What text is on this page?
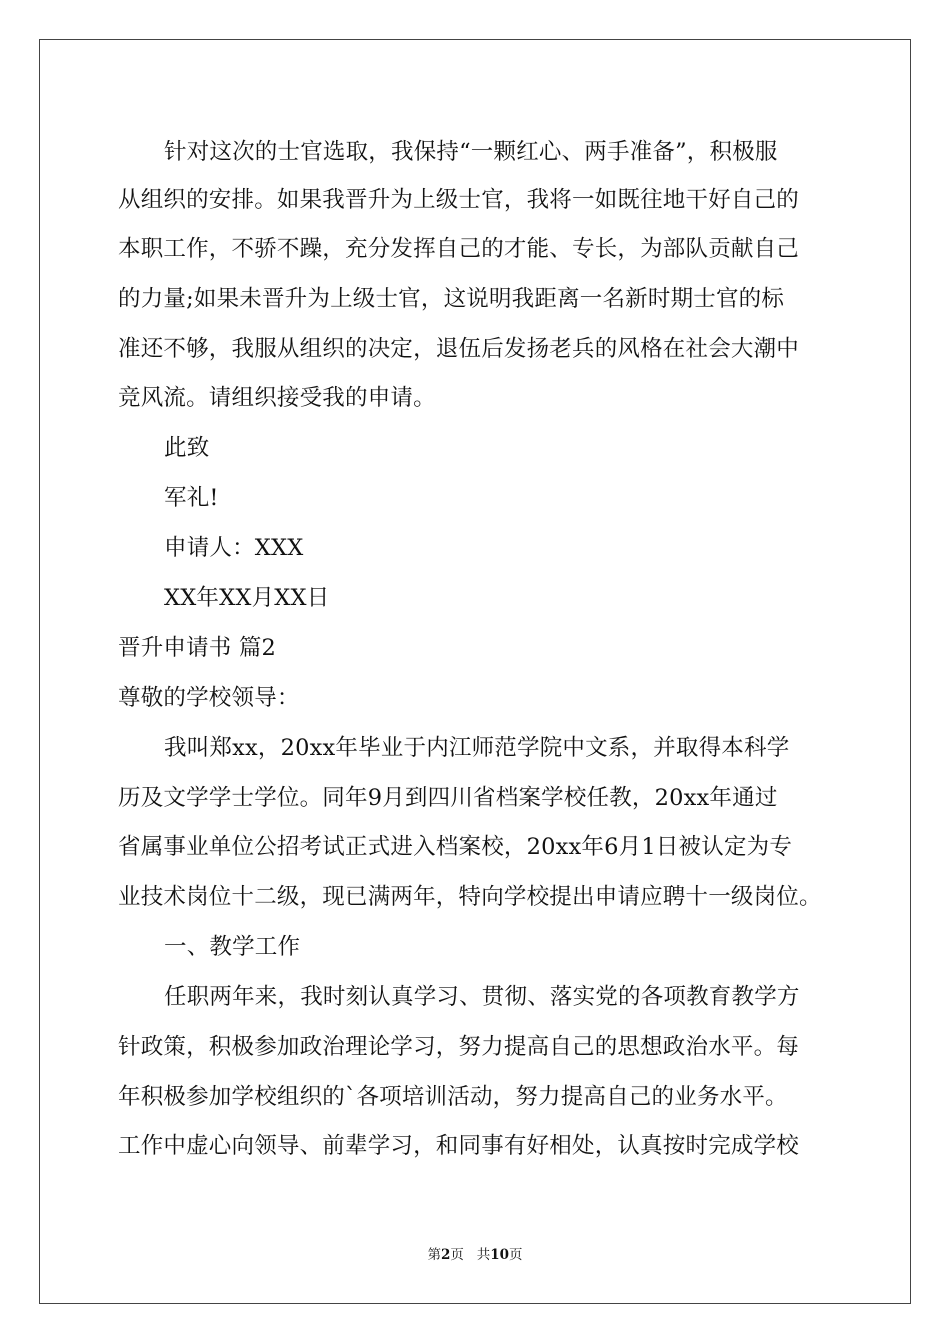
针对这次的士官选取，我保持“一颗红心、两手准备”，积极服
从组织的安排。如果我晋升为上级士官，我将一如既往地干好自己的
本职工作，不骄不躁，充分发挥自己的才能、专长，为部队贡献自己
的力量;如果未晋升为上级士官，这说明我距离一名新时期士官的标
准还不够，我服从组织的决定，退伍后发扬老兵的风格在社会大潮中
竞风流。请组织接受我的申请。
此致
军礼!
申请人：XXX
XX年XX月XX日
晋升申请书 篇2
尊敬的学校领导：
我叫郑xx，20xx年毕业于内江师范学院中文系，并取得本科学
历及文学学士学位。同年9月到四川省档案学校任教，20xx年通过
省属事业单位公招考试正式进入档案校，20xx年6月1日被认定为专
业技术岗位十二级，现已满两年，特向学校提出申请应聘十一级岗位。
一、教学工作
任职两年来，我时刻认真学习、贯彻、落实党的各项教育教学方
针政策，积极参加政治理论学习，努力提高自己的思想政治水平。每
年积极参加学校组织的`各项培训活动，努力提高自己的业务水平。
工作中虚心向领导、前辈学习，和同事有好相处，认真按时完成学校
第2页   共10页
